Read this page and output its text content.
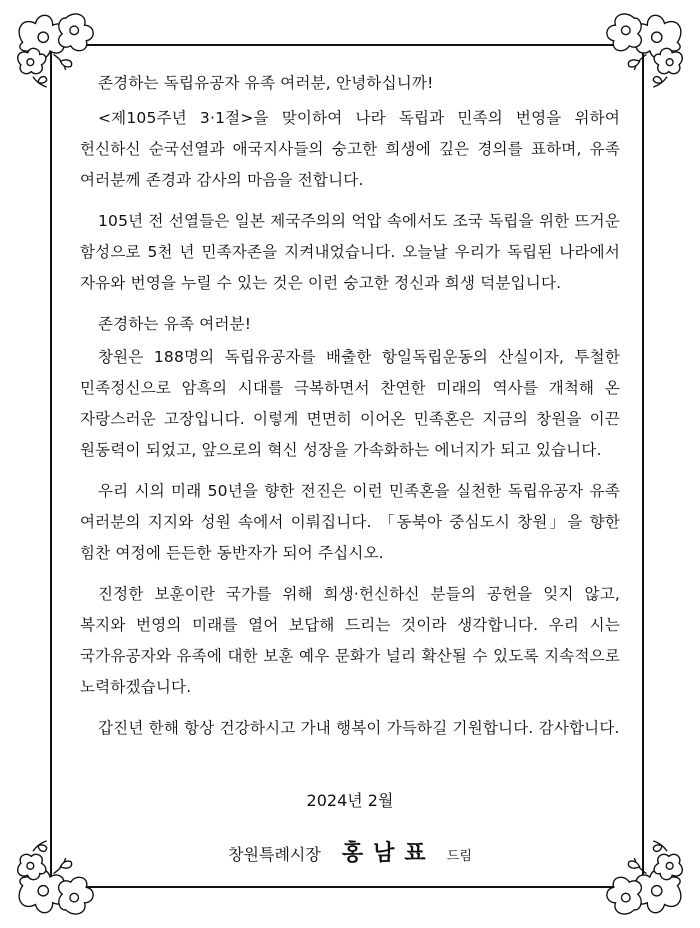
존경하는 독립유공자 유족 여러분, 안녕하십니까!

<제105주년 3·1절>을 맞이하여 나라 독립과 민족의 번영을 위하여 헌신하신 순국선열과 애국지사들의 숭고한 희생에 깊은 경의를 표하며, 유족 여러분께 존경과 감사의 마음을 전합니다.

105년 전 선열들은 일본 제국주의의 억압 속에서도 조국 독립을 위한 뜨거운 함성으로 5천 년 민족자존을 지켜내었습니다. 오늘날 우리가 독립된 나라에서 자유와 번영을 누릴 수 있는 것은 이런 숭고한 정신과 희생 덕분입니다.

존경하는 유족 여러분!

창원은 188명의 독립유공자를 배출한 항일독립운동의 산실이자, 투철한 민족정신으로 암흑의 시대를 극복하면서 찬연한 미래의 역사를 개척해 온 자랑스러운 고장입니다. 이렇게 면면히 이어온 민족혼은 지금의 창원을 이끈 원동력이 되었고, 앞으로의 혁신 성장을 가속화하는 에너지가 되고 있습니다.

우리 시의 미래 50년을 향한 전진은 이런 민족혼을 실천한 독립유공자 유족 여러분의 지지와 성원 속에서 이뤄집니다. 「동북아 중심도시 창원」을 향한 힘찬 여정에 든든한 동반자가 되어 주십시오.

진정한 보훈이란 국가를 위해 희생·헌신하신 분들의 공헌을 잊지 않고, 복지와 번영의 미래를 열어 보답해 드리는 것이라 생각합니다. 우리 시는 국가유공자와 유족에 대한 보훈 예우 문화가 널리 확산될 수 있도록 지속적으로 노력하겠습니다.

갑진년 한해 항상 건강하시고 가내 행복이 가득하길 기원합니다. 감사합니다.

2024년 2월
창원특례시장 홍남표 드림
